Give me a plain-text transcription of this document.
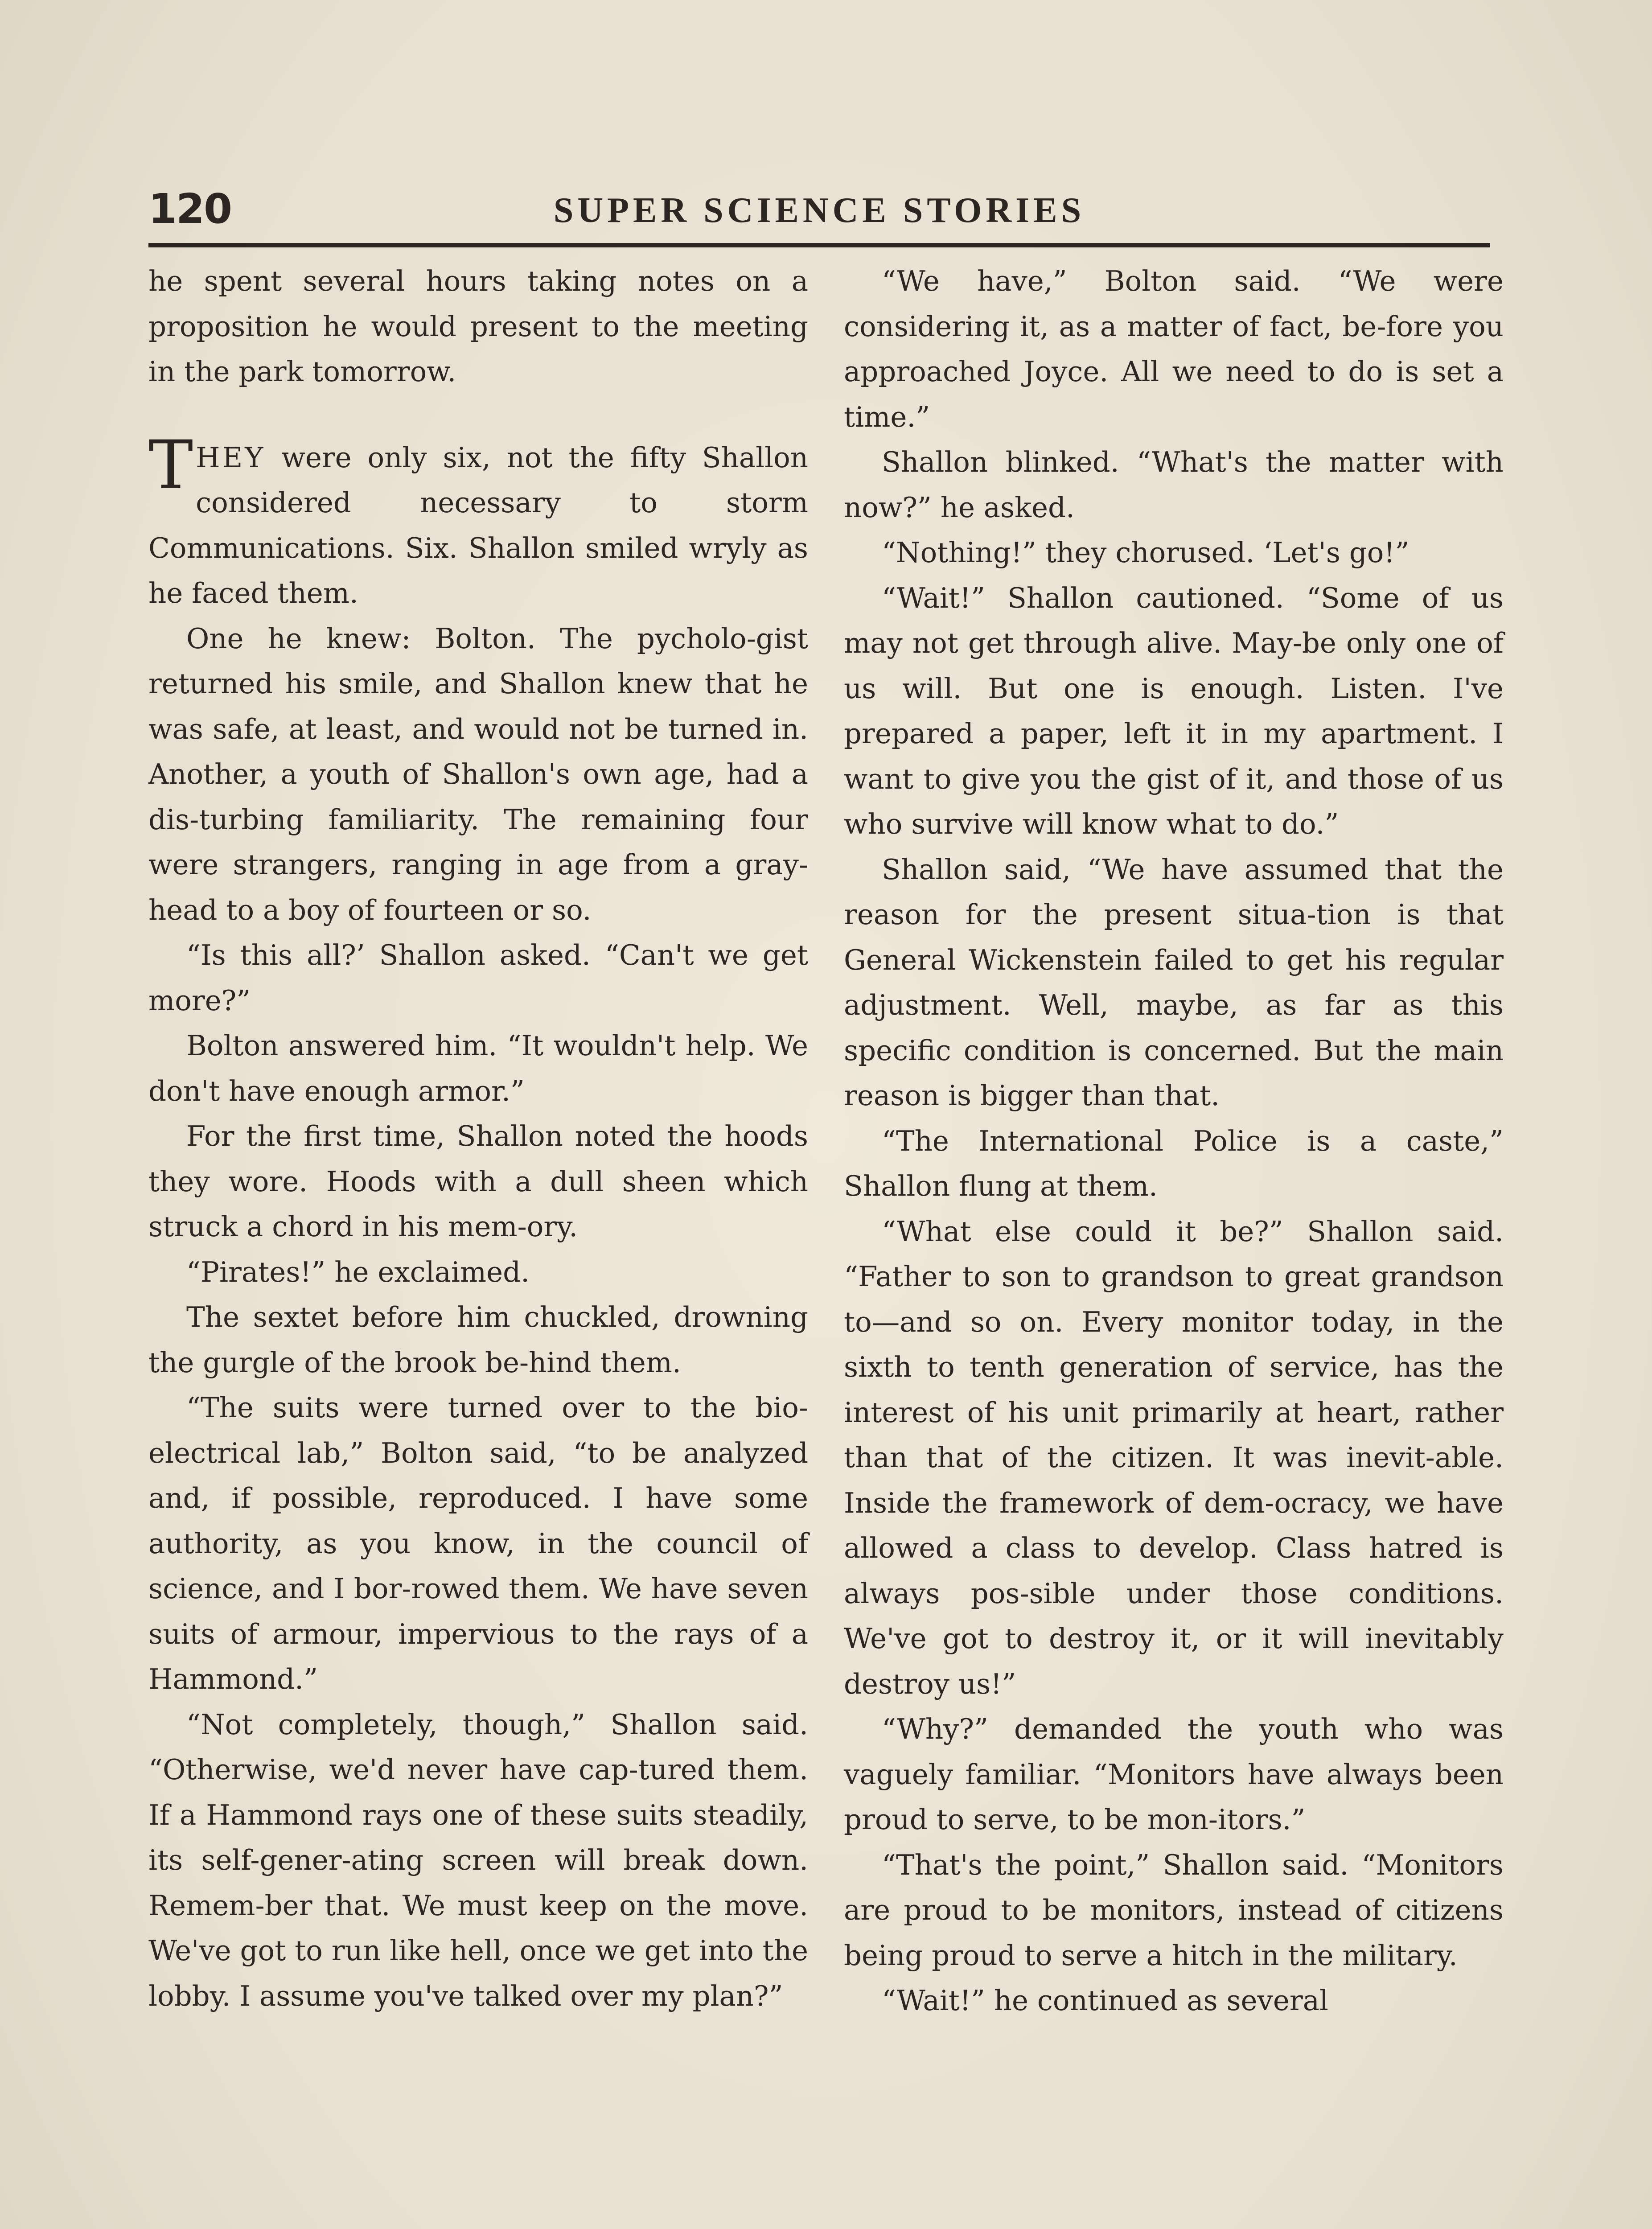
120	SUPER SCIENCE STORIES

he spent several hours taking notes on a proposition he would present to the meeting in the park tomorrow.

THEY were only six, not the fifty Shallon considered necessary to storm Communications. Six. Shallon smiled wryly as he faced them.

One he knew: Bolton. The pycholo-gist returned his smile, and Shallon knew that he was safe, at least, and would not be turned in. Another, a youth of Shallon's own age, had a dis-turbing familiarity. The remaining four were strangers, ranging in age from a gray-head to a boy of fourteen or so.

“Is this all?’ Shallon asked. “Can't we get more?”

Bolton answered him. “It wouldn't help. We don't have enough armor.”

For the first time, Shallon noted the hoods they wore. Hoods with a dull sheen which struck a chord in his mem-ory.

“Pirates!” he exclaimed.

The sextet before him chuckled, drowning the gurgle of the brook be-hind them.

“The suits were turned over to the bio-electrical lab,” Bolton said, “to be analyzed and, if possible, reproduced. I have some authority, as you know, in the council of science, and I bor-rowed them. We have seven suits of armour, impervious to the rays of a Hammond.”

“Not completely, though,” Shallon said. “Otherwise, we'd never have cap-tured them. If a Hammond rays one of these suits steadily, its self-gener-ating screen will break down. Remem-ber that. We must keep on the move. We've got to run like hell, once we get into the lobby. I assume you've talked over my plan?”

“We have,” Bolton said. “We were considering it, as a matter of fact, be-fore you approached Joyce. All we need to do is set a time.”

Shallon blinked. “What's the matter with now?” he asked.

“Nothing!” they chorused. ‘Let's go!”

“Wait!” Shallon cautioned. “Some of us may not get through alive. May-be only one of us will. But one is enough. Listen. I've prepared a paper, left it in my apartment. I want to give you the gist of it, and those of us who survive will know what to do.”

Shallon said, “We have assumed that the reason for the present situa-tion is that General Wickenstein failed to get his regular adjustment. Well, maybe, as far as this specific condition is concerned. But the main reason is bigger than that.

“The International Police is a caste,” Shallon flung at them.

“What else could it be?” Shallon said. “Father to son to grandson to great grandson to—and so on. Every monitor today, in the sixth to tenth generation of service, has the interest of his unit primarily at heart, rather than that of the citizen. It was inevit-able. Inside the framework of dem-ocracy, we have allowed a class to develop. Class hatred is always pos-sible under those conditions. We've got to destroy it, or it will inevitably destroy us!”

“Why?” demanded the youth who was vaguely familiar. “Monitors have always been proud to serve, to be mon-itors.”

“That's the point,” Shallon said. “Monitors are proud to be monitors, instead of citizens being proud to serve a hitch in the military.

“Wait!” he continued as several
